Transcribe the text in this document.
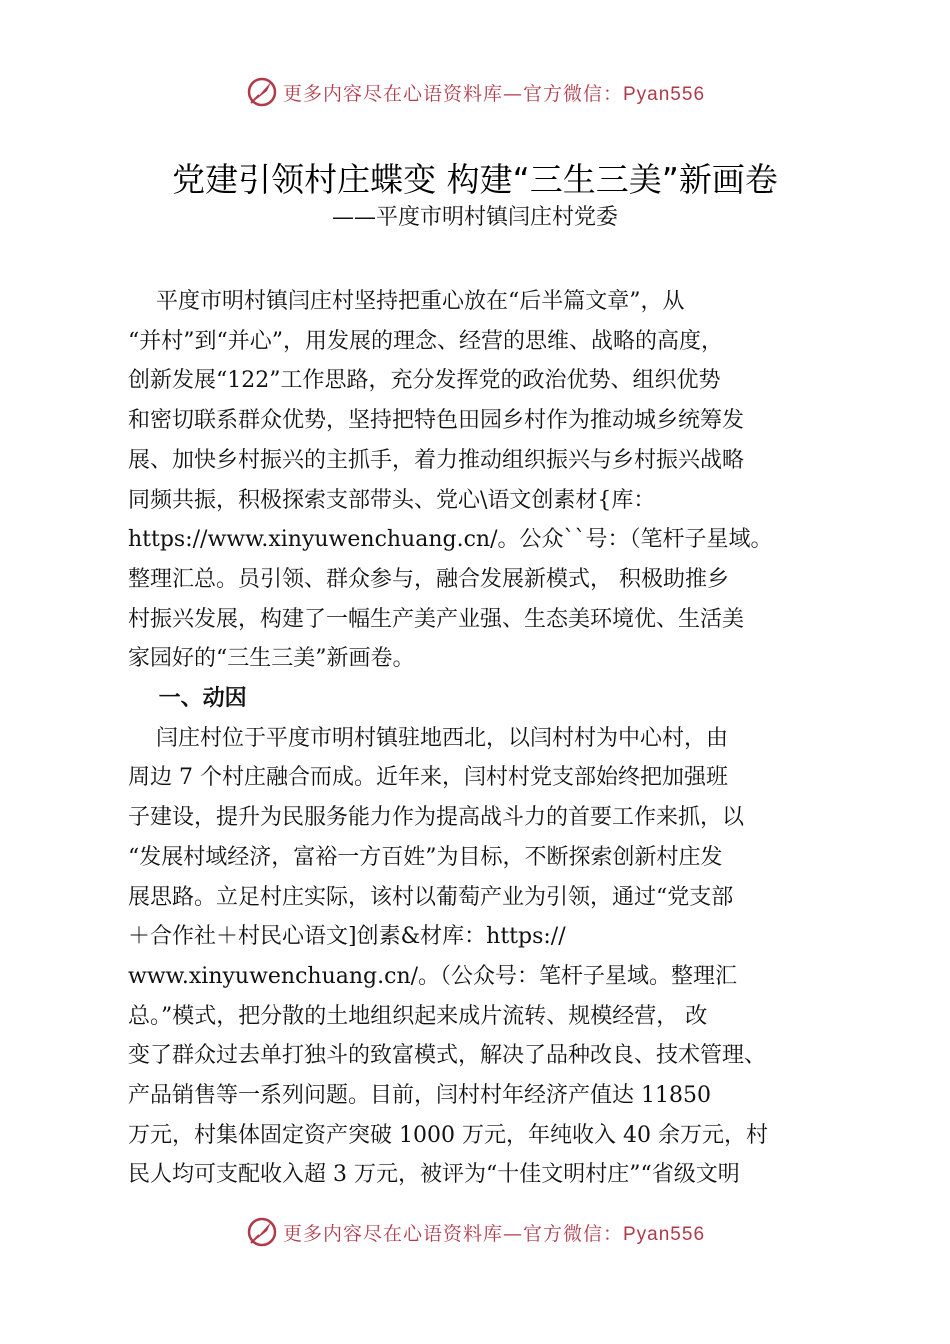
更多内容尽在心语资料库—官方微信：Pyan556
党建引领村庄蝶变 构建“三生三美”新画卷
——平度市明村镇闫庄村党委
平度市明村镇闫庄村坚持把重心放在“后半篇文章”，从
“并村”到“并心”，用发展的理念、经营的思维、战略的高度，
创新发展“122”工作思路，充分发挥党的政治优势、组织优势
和密切联系群众优势，坚持把特色田园乡村作为推动城乡统筹发
展、加快乡村振兴的主抓手，着力推动组织振兴与乡村振兴战略
同频共振，积极探索支部带头、党心\语文创素材{库：
https://www.xinyuwenchuang.cn/。公众``号：（笔杆子星域。
整理汇总。员引领、群众参与，融合发展新模式， 积极助推乡
村振兴发展，构建了一幅生产美产业强、生态美环境优、生活美
家园好的“三生三美”新画卷。
一、动因
闫庄村位于平度市明村镇驻地西北，以闫村村为中心村，由
周边 7 个村庄融合而成。近年来，闫村村党支部始终把加强班
子建设，提升为民服务能力作为提高战斗力的首要工作来抓，以
“发展村域经济，富裕一方百姓”为目标，不断探索创新村庄发
展思路。立足村庄实际，该村以葡萄产业为引领，通过“党支部
＋合作社＋村民心语文]创素&材库：https://
www.xinyuwenchuang.cn/。（公众号：笔杆子星域。整理汇
总。”模式，把分散的土地组织起来成片流转、规模经营， 改
变了群众过去单打独斗的致富模式，解决了品种改良、技术管理、
产品销售等一系列问题。目前，闫村村年经济产值达 11850
万元，村集体固定资产突破 1000 万元，年纯收入 40 余万元，村
民人均可支配收入超 3 万元，被评为“十佳文明村庄”“省级文明
更多内容尽在心语资料库—官方微信：Pyan556
